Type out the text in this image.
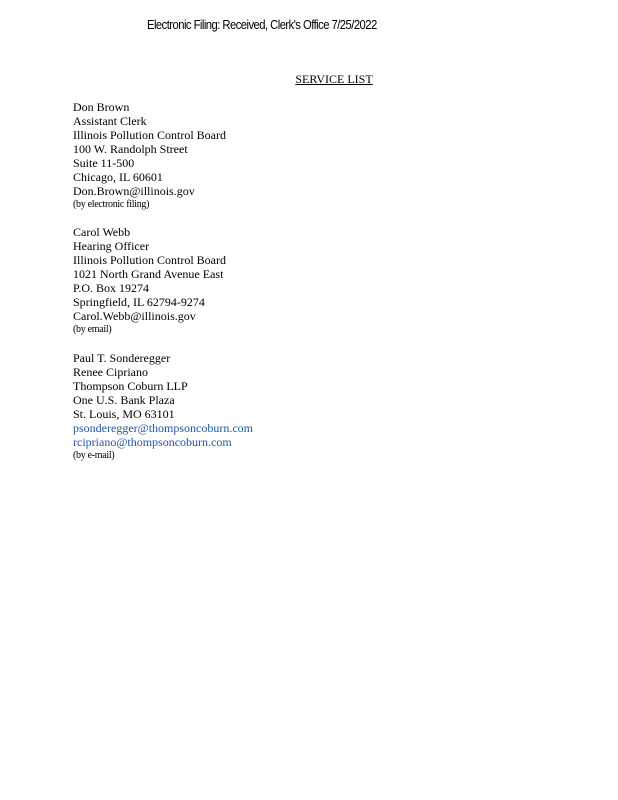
Electronic Filing: Received, Clerk's Office 7/25/2022
SERVICE LIST
Don Brown
Assistant Clerk
Illinois Pollution Control Board
100 W. Randolph Street
Suite 11-500
Chicago, IL 60601
Don.Brown@illinois.gov
(by electronic filing)
Carol Webb
Hearing Officer
Illinois Pollution Control Board
1021 North Grand Avenue East
P.O. Box 19274
Springfield, IL 62794-9274
Carol.Webb@illinois.gov
(by email)
Paul T. Sonderegger
Renee Cipriano
Thompson Coburn LLP
One U.S. Bank Plaza
St. Louis, MO 63101
psonderegger@thompsoncoburn.com
rcipriano@thompsoncoburn.com
(by e-mail)
